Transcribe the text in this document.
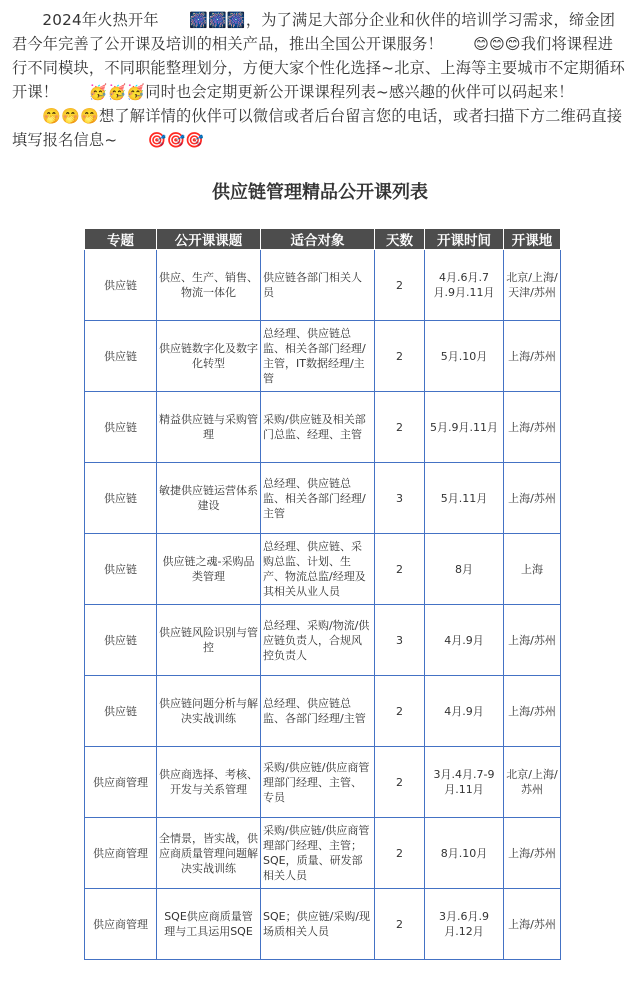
2024年火热开年 🎆🎆🎆，为了满足大部分企业和伙伴的培训学习需求，缔金团君今年完善了公开课及培训的相关产品，推出全国公开课服务！ 😊😊😊我们将课程进行不同模块，不同职能整理划分，方便大家个性化选择~北京、上海等主要城市不定期循环开课！ 🥳🥳🥳同时也会定期更新公开课课程列表~感兴趣的伙伴可以码起来！🤭🤭🤭想了解详情的伙伴可以微信或者后台留言您的电话，或者扫描下方二维码直接填写报名信息~ 🎯🎯🎯
供应链管理精品公开课列表
专题	公开课课题	适合对象	天数	开课时间	开课地
供应链	供应、生产、销售、物流一体化	供应链各部门相关人员	2	4月.6月.7月.9月.11月	北京/上海/天津/苏州
供应链	供应链数字化及数字化转型	总经理、供应链总监、相关各部门经理/主管，IT数据经理/主管	2	5月.10月	上海/苏州
供应链	精益供应链与采购管理	采购/供应链及相关部门总监、经理、主管	2	5月.9月.11月	上海/苏州
供应链	敏捷供应链运营体系建设	总经理、供应链总监、相关各部门经理/主管	3	5月.11月	上海/苏州
供应链	供应链之魂-采购品类管理	总经理、供应链、采购总监、计划、生产、物流总监/经理及其相关从业人员	2	8月	上海
供应链	供应链风险识别与管控	总经理、采购/物流/供应链负责人，合规风控负责人	3	4月.9月	上海/苏州
供应链	供应链问题分析与解决实战训练	总经理、供应链总监、各部门经理/主管	2	4月.9月	上海/苏州
供应商管理	供应商选择、考核、开发与关系管理	采购/供应链/供应商管理部门经理、主管、专员	2	3月.4月.7-9月.11月	北京/上海/苏州
供应商管理	全情景，皆实战，供应商质量管理问题解决实战训练	采购/供应链/供应商管理部门经理、主管；SQE，质量、研发部相关人员	2	8月.10月	上海/苏州
供应商管理	SQE供应商质量管理与工具运用SQE	SQE；供应链/采购/现场质相关人员	2	3月.6月.9月.12月	上海/苏州
